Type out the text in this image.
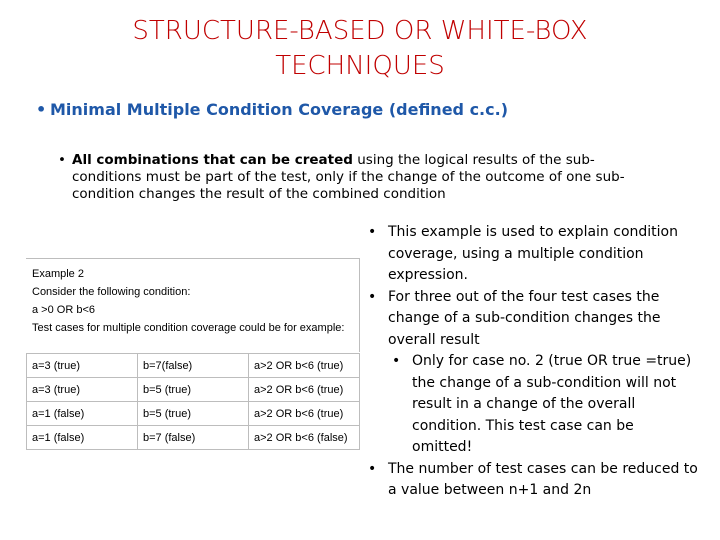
STRUCTURE-BASED OR WHITE-BOX
TECHNIQUES
• Minimal Multiple Condition Coverage (defined c.c.)
• All combinations that can be created using the logical results of the sub-conditions must be part of the test, only if the change of the outcome of one sub-condition changes the result of the combined condition
Example 2
Consider the following condition:
a >0 OR b<6
Test cases for multiple condition coverage could be for example:
a=3 (true)	b=7(false)	a>2 OR b<6 (true)
a=3 (true)	b=5 (true)	a>2 OR b<6 (true)
a=1 (false)	b=5 (true)	a>2 OR b<6 (true)
a=1 (false)	b=7 (false)	a>2 OR b<6 (false)
• This example is used to explain condition coverage, using a multiple condition expression.
• For three out of the four test cases the change of a sub-condition changes the overall result
• Only for case no. 2 (true OR true =true) the change of a sub-condition will not result in a change of the overall condition. This test case can be omitted!
• The number of test cases can be reduced to a value between n+1 and 2n
